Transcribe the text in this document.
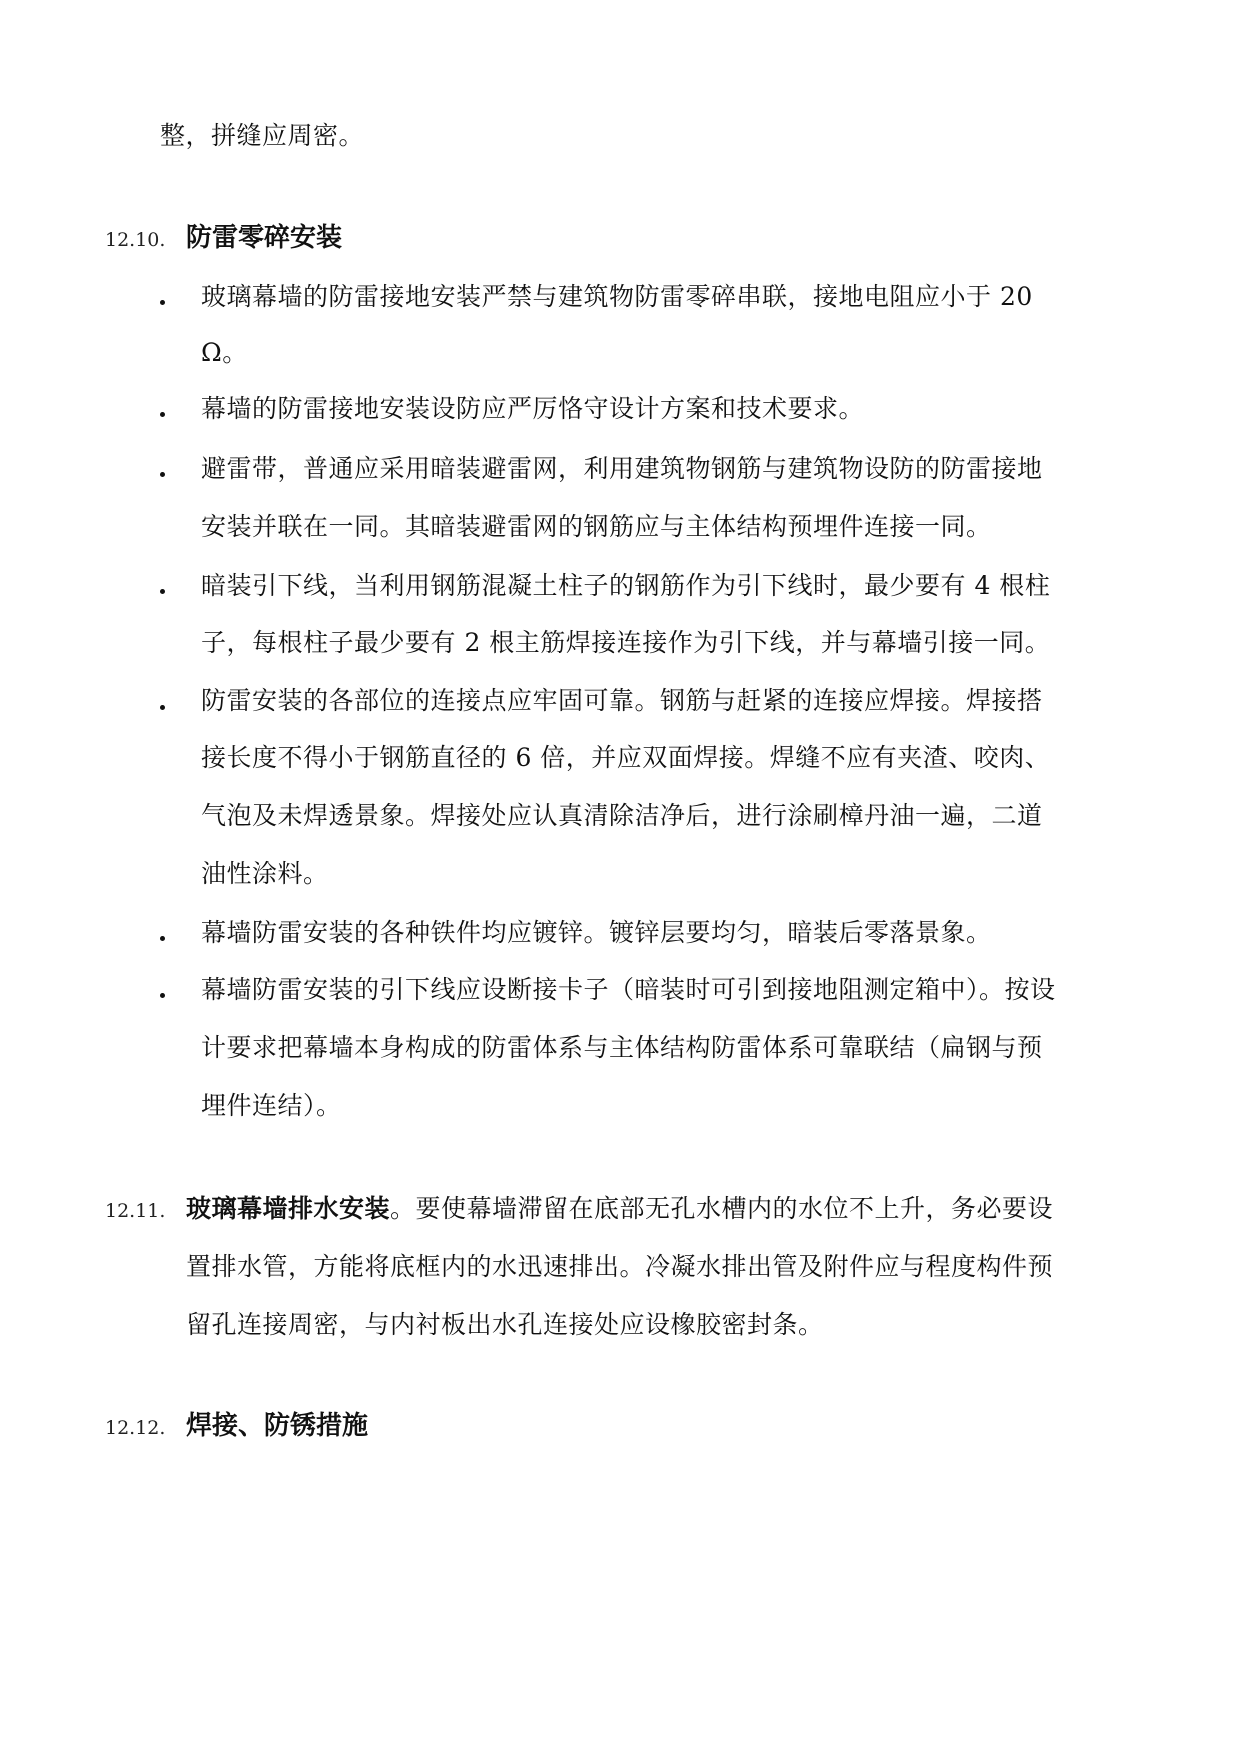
整，拼缝应周密。
12.10. 防雷零碎安装
玻璃幕墙的防雷接地安装严禁与建筑物防雷零碎串联，接地电阻应小于 20
Ω。
幕墙的防雷接地安装设防应严厉恪守设计方案和技术要求。
避雷带，普通应采用暗装避雷网，利用建筑物钢筋与建筑物设防的防雷接地
安装并联在一同。其暗装避雷网的钢筋应与主体结构预埋件连接一同。
暗装引下线，当利用钢筋混凝土柱子的钢筋作为引下线时，最少要有 4 根柱
子，每根柱子最少要有 2 根主筋焊接连接作为引下线，并与幕墙引接一同。
防雷安装的各部位的连接点应牢固可靠。钢筋与赶紧的连接应焊接。焊接搭
接长度不得小于钢筋直径的 6 倍，并应双面焊接。焊缝不应有夹渣、咬肉、
气泡及未焊透景象。焊接处应认真清除洁净后，进行涂刷樟丹油一遍，二道
油性涂料。
幕墙防雷安装的各种铁件均应镀锌。镀锌层要均匀，暗装后零落景象。
幕墙防雷安装的引下线应设断接卡子（暗装时可引到接地阻测定箱中）。按设
计要求把幕墙本身构成的防雷体系与主体结构防雷体系可靠联结（扁钢与预
埋件连结）。
12.11. 玻璃幕墙排水安装。要使幕墙滞留在底部无孔水槽内的水位不上升，务必要设
置排水管，方能将底框内的水迅速排出。冷凝水排出管及附件应与程度构件预
留孔连接周密，与内衬板出水孔连接处应设橡胶密封条。
12.12. 焊接、防锈措施
